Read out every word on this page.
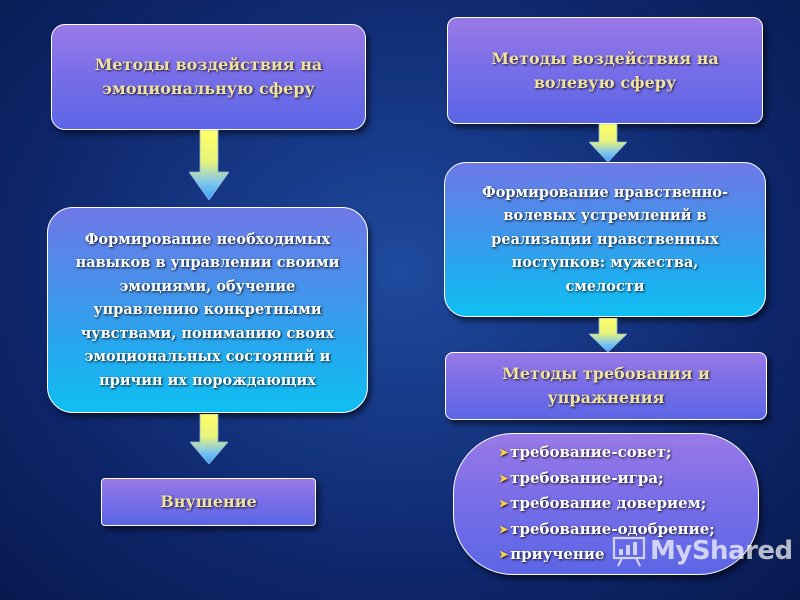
Методы воздействия на эмоциональную сферу
Формирование необходимых навыков в управлении своими эмоциями, обучение управлению конкретными чувствами, пониманию своих эмоциональных состояний и причин их порождающих
Внушение
Методы воздействия на волевую сферу
Формирование нравственно-волевых устремлений в реализации нравственных поступков: мужества, смелости
Методы требования и упражнения
➤ требование-совет;
➤ требование-игра;
➤ требование доверием;
➤ требование-одобрение;
➤ приучение	MyShared
